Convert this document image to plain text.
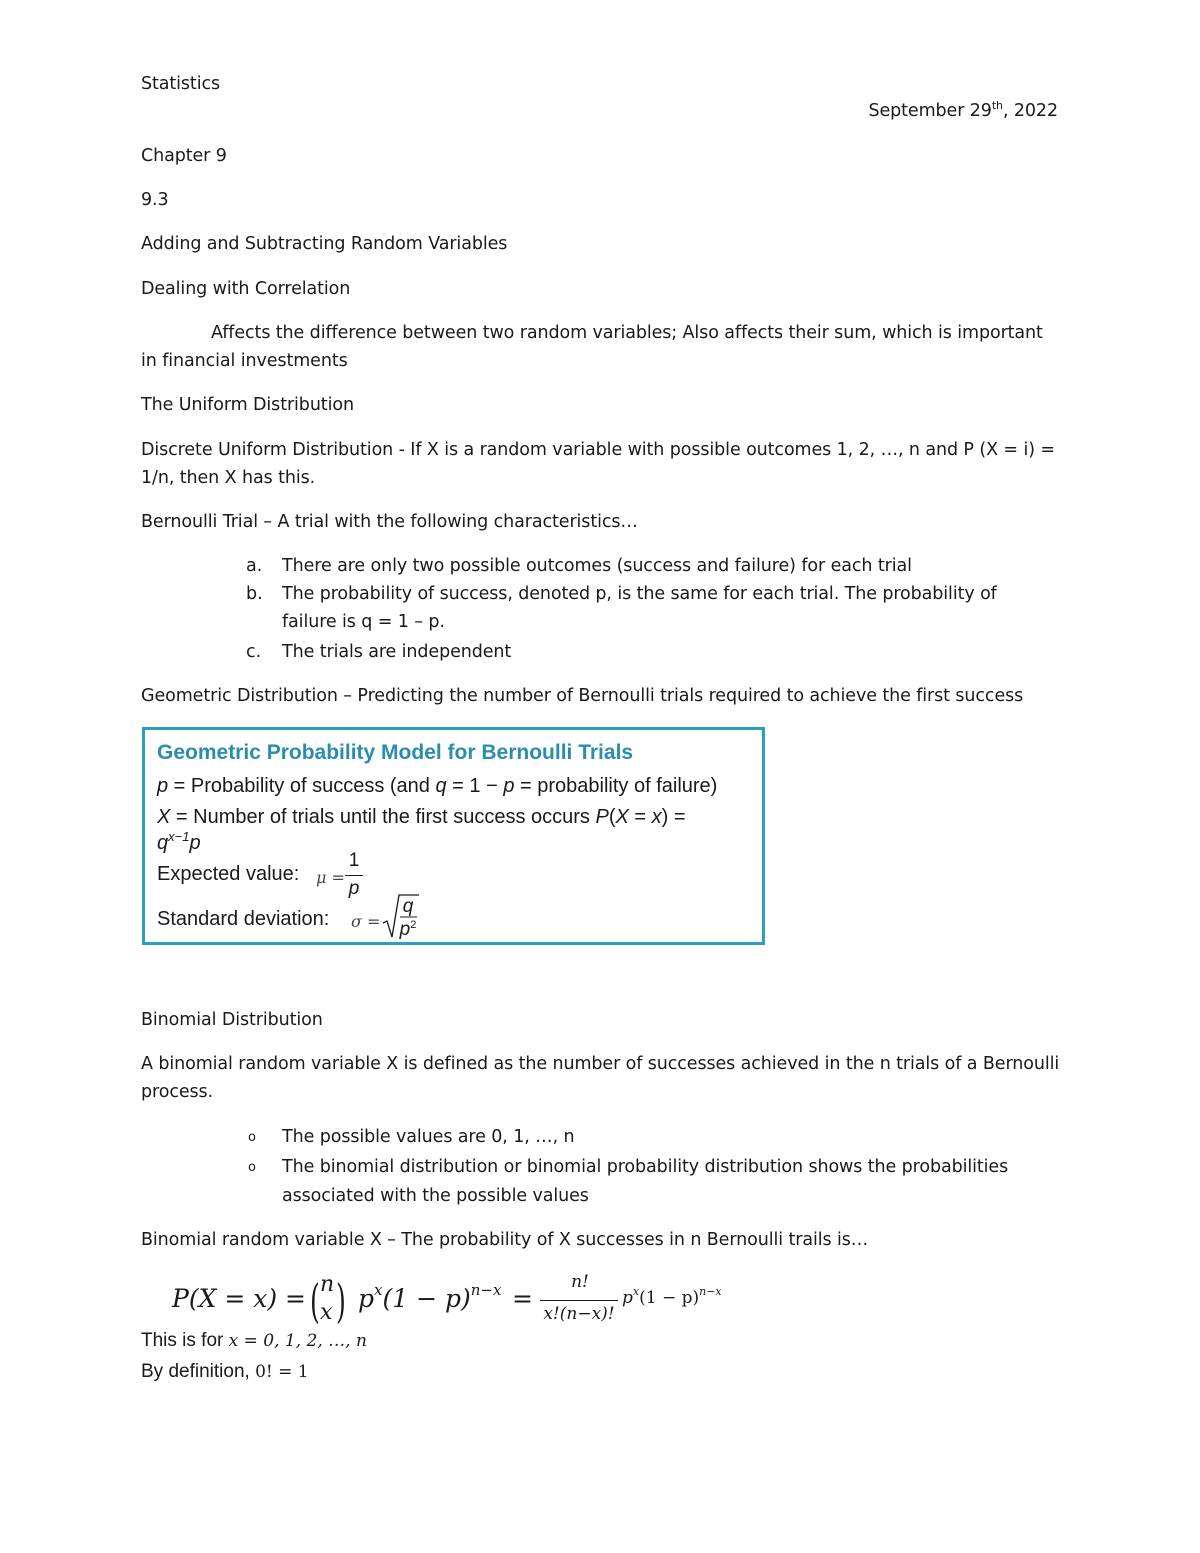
Statistics
September 29th, 2022
Chapter 9
9.3
Adding and Subtracting Random Variables
Dealing with Correlation
Affects the difference between two random variables; Also affects their sum, which is important
in financial investments
The Uniform Distribution
Discrete Uniform Distribution - If X is a random variable with possible outcomes 1, 2, …, n and P (X = i) =
1/n, then X has this.
Bernoulli Trial – A trial with the following characteristics…
a. There are only two possible outcomes (success and failure) for each trial
b. The probability of success, denoted p, is the same for each trial. The probability of
failure is q = 1 – p.
c. The trials are independent
Geometric Distribution – Predicting the number of Bernoulli trials required to achieve the first success
Geometric Probability Model for Bernoulli Trials
p = Probability of success (and q = 1 − p = probability of failure)
X = Number of trials until the first success occurs P(X = x) =
$q^{x-1}p$
Expected value: μ =
1
p
Standard deviation: σ =
q
$p^2$
Binomial Distribution
A binomial random variable X is defined as the number of successes achieved in the n trials of a Bernoulli
process.
o The possible values are 0, 1, …, n
o The binomial distribution or binomial probability distribution shows the probabilities
associated with the possible values
Binomial random variable X – The probability of X successes in n Bernoulli trails is…
P(X = x) = ( n
x ) $p^x(1 - p)^{n-x}$ =
n!
x!(n−x)!
$p^x(1 - p)^{n-x}$
This is for x = 0, 1, 2, …, n
By definition, 0! = 1
